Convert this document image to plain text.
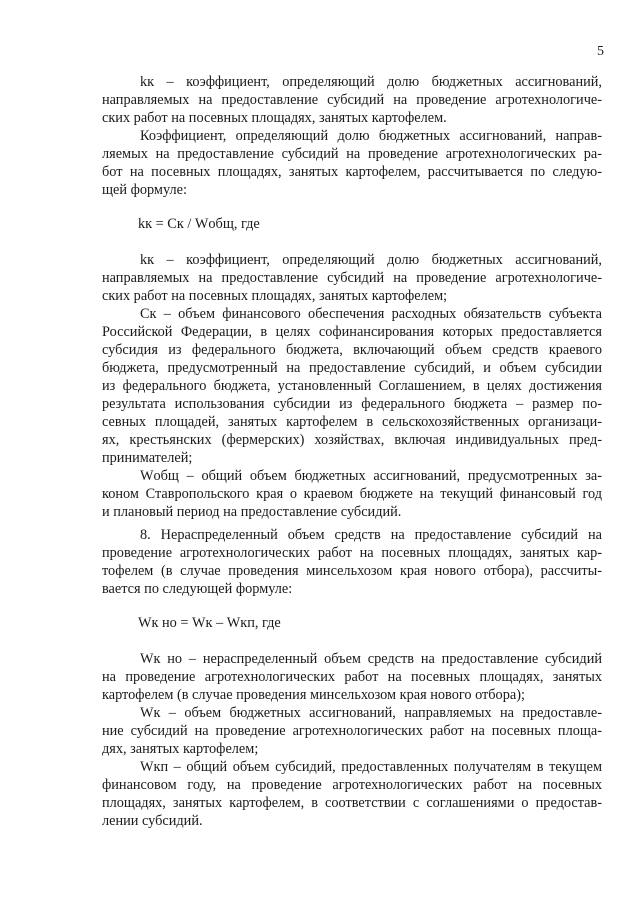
5
kк – коэффициент, определяющий долю бюджетных ассигнований,
направляемых на предоставление субсидий на проведение агротехнологиче-
ских работ на посевных площадях, занятых картофелем.
Коэффициент, определяющий долю бюджетных ассигнований, направ-
ляемых на предоставление субсидий на проведение агротехнологических ра-
бот на посевных площадях, занятых картофелем, рассчитывается по следую-
щей формуле:
kк = Cк / Wобщ, где
kк – коэффициент, определяющий долю бюджетных ассигнований,
направляемых на предоставление субсидий на проведение агротехнологиче-
ских работ на посевных площадях, занятых картофелем;
Cк – объем финансового обеспечения расходных обязательств субъекта
Российской Федерации, в целях софинансирования которых предоставляется
субсидия из федерального бюджета, включающий объем средств краевого
бюджета, предусмотренный на предоставление субсидий, и объем субсидии
из федерального бюджета, установленный Соглашением, в целях достижения
результата использования субсидии из федерального бюджета – размер по-
севных площадей, занятых картофелем в сельскохозяйственных организаци-
ях, крестьянских (фермерских) хозяйствах, включая индивидуальных пред-
принимателей;
Wобщ – общий объем бюджетных ассигнований, предусмотренных за-
коном Ставропольского края о краевом бюджете на текущий финансовый год
и плановый период на предоставление субсидий.
8. Нераспределенный объем средств на предоставление субсидий на
проведение агротехнологических работ на посевных площадях, занятых кар-
тофелем (в случае проведения минсельхозом края нового отбора), рассчиты-
вается по следующей формуле:
Wк но = Wк – Wкп, где
Wк но – нераспределенный объем средств на предоставление субсидий
на проведение агротехнологических работ на посевных площадях, занятых
картофелем (в случае проведения минсельхозом края нового отбора);
Wк – объем бюджетных ассигнований, направляемых на предоставле-
ние субсидий на проведение агротехнологических работ на посевных площа-
дях, занятых картофелем;
Wкп – общий объем субсидий, предоставленных получателям в текущем
финансовом году, на проведение агротехнологических работ на посевных
площадях, занятых картофелем, в соответствии с соглашениями о предостав-
лении субсидий.
